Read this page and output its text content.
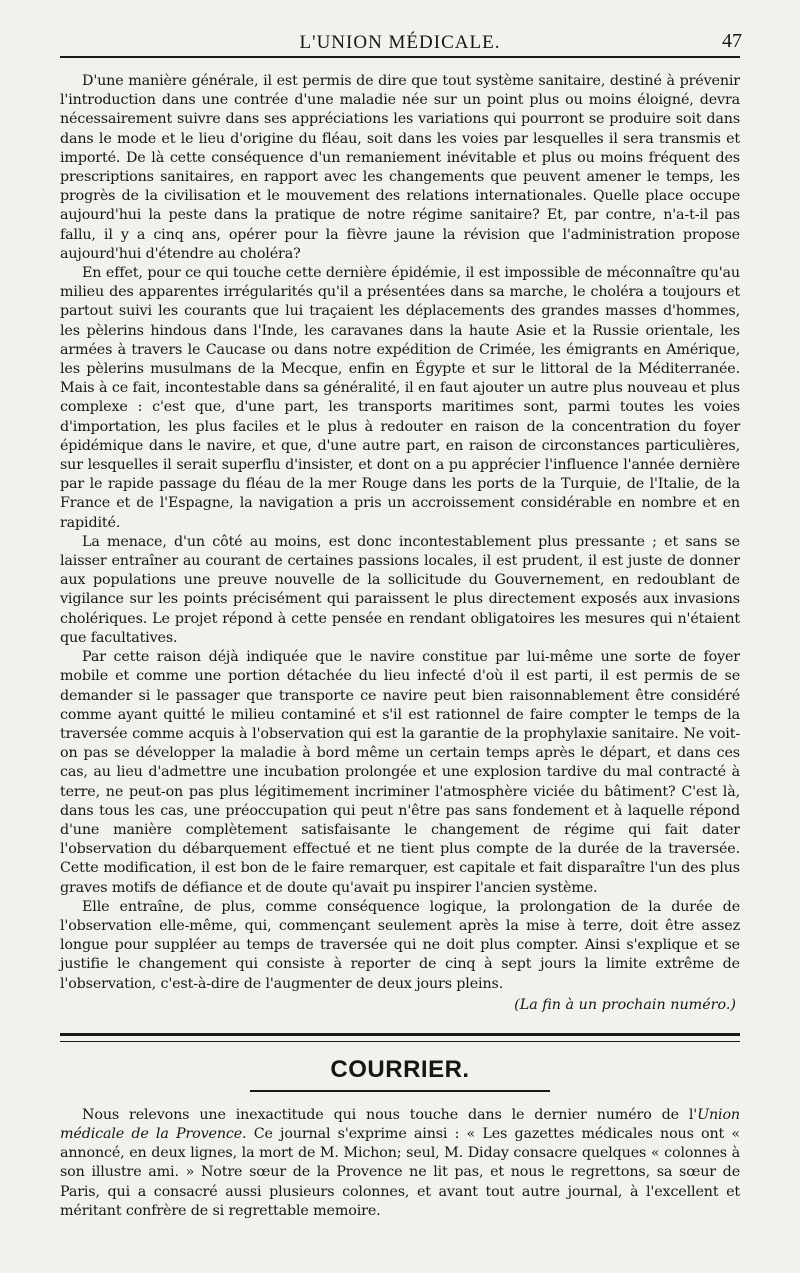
L'UNION MÉDICALE.	47

D'une manière générale, il est permis de dire que tout système sanitaire, destiné à prévenir l'introduction dans une contrée d'une maladie née sur un point plus ou moins éloigné, devra nécessairement suivre dans ses appréciations les variations qui pourront se produire soit dans dans le mode et le lieu d'origine du fléau, soit dans les voies par lesquelles il sera transmis et importé. De là cette conséquence d'un remaniement inévitable et plus ou moins fréquent des prescriptions sanitaires, en rapport avec les changements que peuvent amener le temps, les progrès de la civilisation et le mouvement des relations internationales. Quelle place occupe aujourd'hui la peste dans la pratique de notre régime sanitaire? Et, par contre, n'a-t-il pas fallu, il y a cinq ans, opérer pour la fièvre jaune la révision que l'administration propose aujourd'hui d'étendre au choléra?

En effet, pour ce qui touche cette dernière épidémie, il est impossible de méconnaître qu'au milieu des apparentes irrégularités qu'il a présentées dans sa marche, le choléra a toujours et partout suivi les courants que lui traçaient les déplacements des grandes masses d'hommes, les pèlerins hindous dans l'Inde, les caravanes dans la haute Asie et la Russie orientale, les armées à travers le Caucase ou dans notre expédition de Crimée, les émigrants en Amérique, les pèlerins musulmans de la Mecque, enfin en Égypte et sur le littoral de la Méditerranée. Mais à ce fait, incontestable dans sa généralité, il en faut ajouter un autre plus nouveau et plus complexe : c'est que, d'une part, les transports maritimes sont, parmi toutes les voies d'importation, les plus faciles et le plus à redouter en raison de la concentration du foyer épidémique dans le navire, et que, d'une autre part, en raison de circonstances particulières, sur lesquelles il serait superflu d'insister, et dont on a pu apprécier l'influence l'année dernière par le rapide passage du fléau de la mer Rouge dans les ports de la Turquie, de l'Italie, de la France et de l'Espagne, la navigation a pris un accroissement considérable en nombre et en rapidité.

La menace, d'un côté au moins, est donc incontestablement plus pressante ; et sans se laisser entraîner au courant de certaines passions locales, il est prudent, il est juste de donner aux populations une preuve nouvelle de la sollicitude du Gouvernement, en redoublant de vigilance sur les points précisément qui paraissent le plus directement exposés aux invasions cholériques. Le projet répond à cette pensée en rendant obligatoires les mesures qui n'étaient que facultatives.

Par cette raison déjà indiquée que le navire constitue par lui-même une sorte de foyer mobile et comme une portion détachée du lieu infecté d'où il est parti, il est permis de se demander si le passager que transporte ce navire peut bien raisonnablement être considéré comme ayant quitté le milieu contaminé et s'il est rationnel de faire compter le temps de la traversée comme acquis à l'observation qui est la garantie de la prophylaxie sanitaire. Ne voit-on pas se développer la maladie à bord même un certain temps après le départ, et dans ces cas, au lieu d'admettre une incubation prolongée et une explosion tardive du mal contracté à terre, ne peut-on pas plus légitimement incriminer l'atmosphère viciée du bâtiment? C'est là, dans tous les cas, une préoccupation qui peut n'être pas sans fondement et à laquelle répond d'une manière complètement satisfaisante le changement de régime qui fait dater l'observation du débarquement effectué et ne tient plus compte de la durée de la traversée. Cette modification, il est bon de le faire remarquer, est capitale et fait disparaître l'un des plus graves motifs de défiance et de doute qu'avait pu inspirer l'ancien système.

Elle entraîne, de plus, comme conséquence logique, la prolongation de la durée de l'observation elle-même, qui, commençant seulement après la mise à terre, doit être assez longue pour suppléer au temps de traversée qui ne doit plus compter. Ainsi s'explique et se justifie le changement qui consiste à reporter de cinq à sept jours la limite extrême de l'observation, c'est-à-dire de l'augmenter de deux jours pleins.

(La fin à un prochain numéro.)

COURRIER.

Nous relevons une inexactitude qui nous touche dans le dernier numéro de l'Union médicale de la Provence. Ce journal s'exprime ainsi : « Les gazettes médicales nous ont « annoncé, en deux lignes, la mort de M. Michon; seul, M. Diday consacre quelques « colonnes à son illustre ami. » Notre sœur de la Provence ne lit pas, et nous le regrettons, sa sœur de Paris, qui a consacré aussi plusieurs colonnes, et avant tout autre journal, à l'excellent et méritant confrère de si regrettable memoire.
